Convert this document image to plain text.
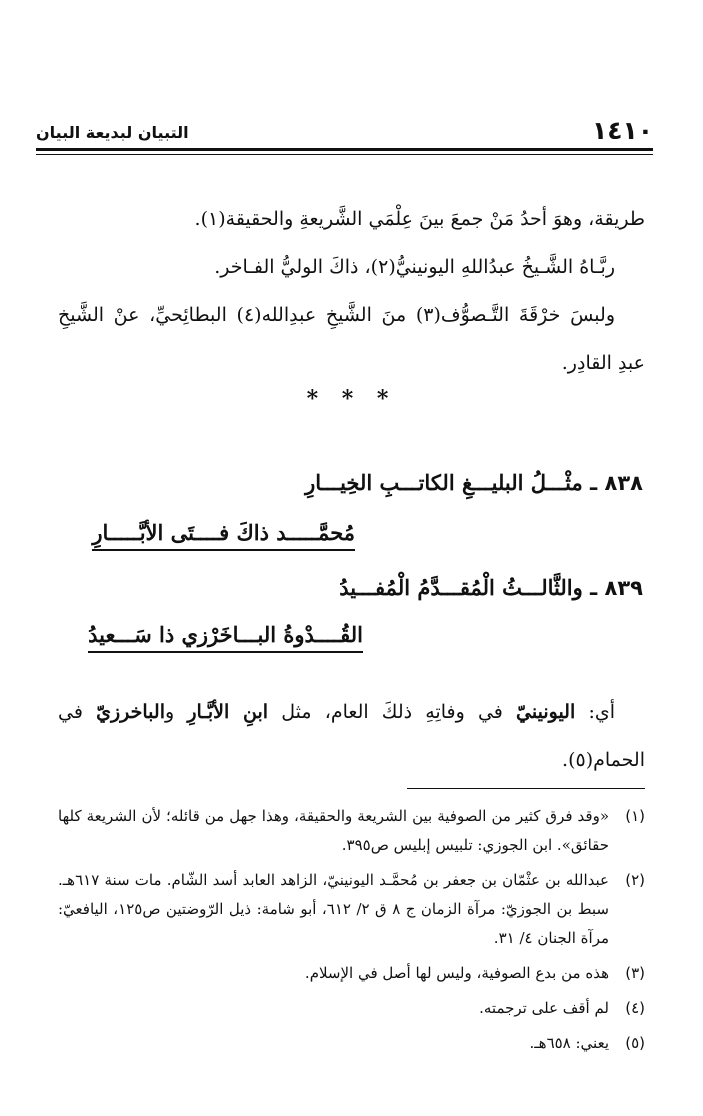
١٤١٠
التبيان لبديعة البيان

طريقة، وهوَ أحدُ مَنْ جمعَ بينَ عِلْمَي الشَّريعةِ والحقيقة(١).

ربَّـاهُ الشَّـيخُ عبدُاللهِ اليونينيُّ(٢)، ذاكَ الوليُّ الفـاخر.

ولبسَ خرْقَةَ التَّـصوُّف(٣) منَ الشَّيخِ عبدِالله(٤) البطائِحيِّ، عنْ الشَّيخِ عبدِ القادِر.

* * *
٨٣٨ ـ مثْـــلُ البليـــغِ الكاتـــبِ الخِيـــارِ
مُحمَّـــــد ذاكَ فــــتَى الأبَّـــــارِ
٨٣٩ ـ والثَّالـــثُ الْمُقـــدَّمُ الْمُفـــيدُ
القُــــدْوةُ البـــاخَرْزي ذا سَـــعيدُ

أي: اليونينيّ في وفاتِهِ ذلكَ العام، مثل ابنِ الأبَّـارِ والباخرزيّ في الحمام(٥).

(١)
«وقد فرق كثير من الصوفية بين الشريعة والحقيقة، وهذا جهل من قائله؛ لأن الشريعة كلها حقائق». ابن الجوزي: تلبيس إبليس ص٣٩٥.
(٢)
عبدالله بن عثْمّان بن جعفر بن مُحمَّـد اليونينيّ، الزاهد العابد أسد الشّام. مات سنة ٦١٧هـ. سبط بن الجوزيّ: مرآة الزمان ج ٨ ق ٢/ ٦١٢، أبو شامة: ذيل الرّوضتين ص١٢٥، اليافعيّ: مرآة الجنان ٤/ ٣١.
(٣)
هذه من بدع الصوفية، وليس لها أصل في الإسلام.
(٤)
لم أقف على ترجمته.
(٥)
يعني: ٦٥٨هـ.
